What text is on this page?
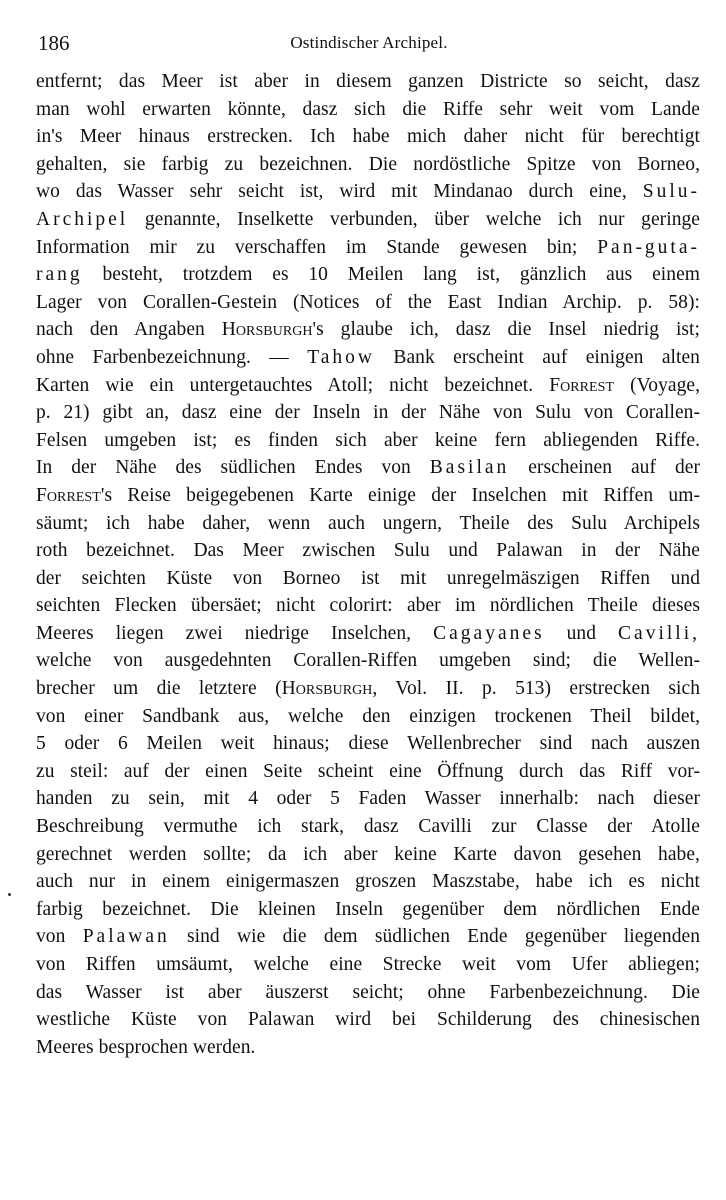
186	Ostindischer Archipel.
entfernt; das Meer ist aber in diesem ganzen Districte so seicht, dasz
man wohl erwarten könnte, dasz sich die Riffe sehr weit vom Lande
in's Meer hinaus erstrecken. Ich habe mich daher nicht für berechtigt
gehalten, sie farbig zu bezeichnen. Die nordöstliche Spitze von Borneo,
wo das Wasser sehr seicht ist, wird mit Mindanao durch eine, Sulu-
Archipel genannte, Inselkette verbunden, über welche ich nur geringe
Information mir zu verschaffen im Stande gewesen bin; Pan-guta-
rang besteht, trotzdem es 10 Meilen lang ist, gänzlich aus einem
Lager von Corallen-Gestein (Notices of the East Indian Archip. p. 58):
nach den Angaben Horsburgh's glaube ich, dasz die Insel niedrig ist;
ohne Farbenbezeichnung. — Tahow Bank erscheint auf einigen alten
Karten wie ein untergetauchtes Atoll; nicht bezeichnet. Forrest (Voyage,
p. 21) gibt an, dasz eine der Inseln in der Nähe von Sulu von Corallen-
Felsen umgeben ist; es finden sich aber keine fern abliegenden Riffe.
In der Nähe des südlichen Endes von Basilan erscheinen auf der
Forrest's Reise beigegebenen Karte einige der Inselchen mit Riffen um-
säumt; ich habe daher, wenn auch ungern, Theile des Sulu Archipels
roth bezeichnet. Das Meer zwischen Sulu und Palawan in der Nähe
der seichten Küste von Borneo ist mit unregelmäszigen Riffen und
seichten Flecken übersäet; nicht colorirt: aber im nördlichen Theile dieses
Meeres liegen zwei niedrige Inselchen, Cagayanes und Cavilli,
welche von ausgedehnten Corallen-Riffen umgeben sind; die Wellen-
brecher um die letztere (Horsburgh, Vol. II. p. 513) erstrecken sich
von einer Sandbank aus, welche den einzigen trockenen Theil bildet,
5 oder 6 Meilen weit hinaus; diese Wellenbrecher sind nach auszen
zu steil: auf der einen Seite scheint eine Öffnung durch das Riff vor-
handen zu sein, mit 4 oder 5 Faden Wasser innerhalb: nach dieser
Beschreibung vermuthe ich stark, dasz Cavilli zur Classe der Atolle
gerechnet werden sollte; da ich aber keine Karte davon gesehen habe,
auch nur in einem einigermaszen groszen Maszstabe, habe ich es nicht
farbig bezeichnet. Die kleinen Inseln gegenüber dem nördlichen Ende
von Palawan sind wie die dem südlichen Ende gegenüber liegenden
von Riffen umsäumt, welche eine Strecke weit vom Ufer abliegen;
das Wasser ist aber äuszerst seicht; ohne Farbenbezeichnung. Die
westliche Küste von Palawan wird bei Schilderung des chinesischen
Meeres besprochen werden.
